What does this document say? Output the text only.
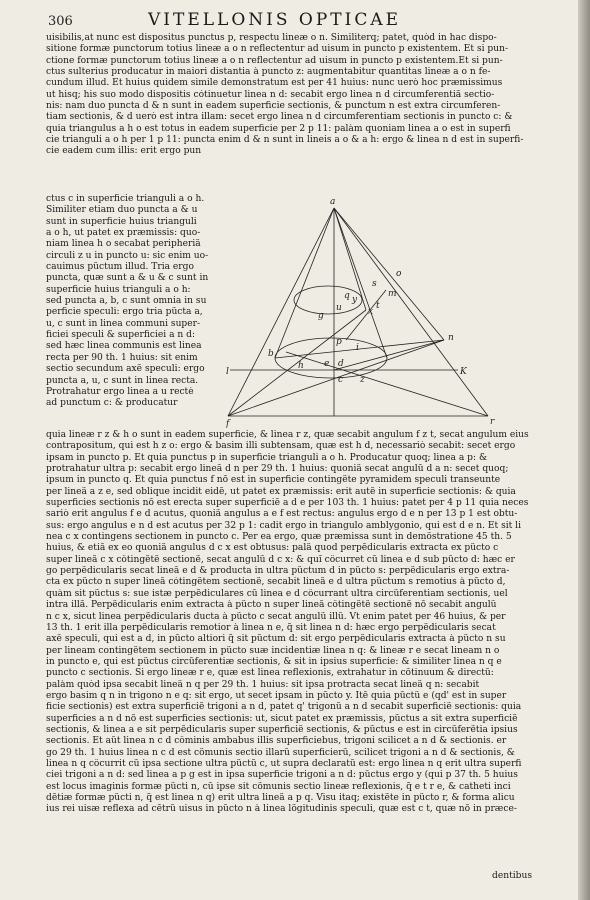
306	VITELLONIS OPTICAE
uisibilis,at nunc est dispositus punctus p, respectu lineæ o n. Similiterq; patet, quòd in hac dispo-
sitione formæ punctorum totius lineæ a o n reflectentur ad uisum in puncto p existentem. Et si pun-
ctione formæ punctorum totius lineæ a o n reflectentur ad uisum in puncto p existentem.Et si pun-
ctus sulterius producatur in maiori distantia à puncto z: augmentabitur quantitas lineæ a o n fe-
cundum illud. Et huius quidem simile demonstratum est per 41 huius: nunc uerò hoc præmissimus
ut hisq; his suo modo dispositis cótinuetur linea n d: secabit ergo linea n d circumferentiã sectio-
nis: nam duo puncta d & n sunt in eadem superficie sectionis, & punctum n est extra circumferen-
tiam sectionis, & d uerò est intra illam: secet ergo linea n d circumferentiam sectionis in puncto c: &
quia triangulus a h o est totus in eadem superficie per 2 p 11: palàm quoniam linea a o est in superfi
cie trianguli a o h per 1 p 11: puncta enim d & n sunt in lineis a o & a h: ergo & linea n d est in superfi-
cie eadem cum illis: erit ergo pun
ctus c in superficie trianguli a o h.
Similiter etiam duo puncta a & u
sunt in superficie huius trianguli
a o h, ut patet ex præmissis: quo-
niam linea h o secabat peripheriã
circuli z u in puncto u: sic enim uo-
cauimus pũctum illud. Tria ergo
puncta, quæ sunt a & u & c sunt in
superficie huius trianguli a o h:
sed puncta a, b, c sunt omnia in su
perficie speculi: ergo tria pũcta a,
u, c sunt in linea communi super-
ficiei speculi & superficiei a n d:
sed hæc linea communis est linea
recta per 90 th. 1 huius: sit enim
sectio secundum axẽ speculi: ergo
puncta a, u, c sunt in linea recta.
Protrahatur ergo linea a u rectè
ad punctum c: & producatur
a
b
c
d
e
f
g
h
i
l
m
n
o
p
q
r
s
t
u	x
y
z
K
quia lineæ r z & h o sunt in eadem superficie, & linea r z, quæ secabit angulum f z t, secat angulum eius
contrapositum, qui est h z o: ergo & basim illi subtensam, quæ est h d, necessariò secabit: secet ergo
ipsam in puncto p. Et quia punctus p in superficie trianguli a o h. Producatur quoq; linea a p: &
protrahatur ultra p: secabit ergo lineã d n per 29 th. 1 huius: quoniã secat angulũ d a n: secet quoq;
ipsum in puncto q. Et quia punctus f nõ est in superficie contingẽte pyramidem speculi transeunte
per lineã a z e, sed oblique incidit eidẽ, ut patet ex præmissis: erit autẽ in superficie sectionis: & quia
superficies sectionis nõ est erecta super superficiẽ a d e per 103 th. 1 huius: patet per 4 p 11 quia neces
sariò erit angulus f e d acutus, quoniã angulus a e f est rectus: angulus ergo d e n per 13 p 1 est obtu-
sus: ergo angulus e n d est acutus per 32 p 1: cadit ergo in triangulo amblygonio, qui est d e n. Et sit li
nea c x contingens sectionem in puncto c. Per ea ergo, quæ præmissa sunt in demõstratione 45 th. 5
huius, & etiã ex eo quoniã angulus d c x est obtusus: palã quod perpẽdicularis extracta ex pũcto c
super lineã c x côtingẽtẽ sectionẽ, secat angulũ d c x: & quĩ côcurret cũ linea e d sub pũcto d: hæc er
go perpẽdicularis secat lineã e d & producta in ultra pũctum d in pũcto s: perpẽdicularis ergo extra-
cta ex pũcto n super lineã cótingẽtem sectionẽ, secabit lineã e d ultra pũctum s remotius à pũcto d,
quàm sit pũctus s: sue istæ perpẽdiculares cũ linea e d côcurrant ultra circũferentiam sectionis, uel
intra illã. Perpẽdicularis enim extracta à pũcto n super lineã côtingẽtẽ sectionẽ nõ secabit angulũ
n c x, sicut linea perpẽdicularis ducta à pũcto c secat angulũ illũ. Vt enim patet per 46 huius, & per
13 th. 1 erit illa perpẽdicularis remotior à linea n e, q̃ sit linea n d: hæc ergo perpẽdicularis secat
axẽ speculi, qui est a d, in pũcto altiori q̃ sit pũctum d: sit ergo perpẽdicularis extracta à pũcto n su
per lineam contingẽtem sectionem in pũcto suæ incidentiæ linea n q: & lineæ r e secat lineam n o
in puncto e, qui est pũctus circũferentiæ sectionis, & sit in ipsius superficie: & similiter linea n q e
puncto c sectionis. Si ergo lineæ r e, quæ est linea reflexionis, extrahatur in cõtinuum & directũ:
palàm quòd ipsa secabit lineã n q per 29 th. 1 huius: sit ipsa protracta secat lineã q n: secabit
ergo basim q n in trigono n e q: sit ergo, ut secet ipsam in pũcto y. Itẽ quia pũctũ e (qd' est in super
ficie sectionis) est extra superficiẽ trigoni a n d, patet q' trigonũ a n d secabit superficiẽ sectionis: quia
superficies a n d nõ est superficies sectionis: ut, sicut patet ex præmissis, pũctus a sit extra superficiẽ
sectionis, & linea a e sit perpẽdicularis super superficiẽ sectionis, & pũctus e est in circũferẽtia ipsius
sectionis. Et aũt linea n c d côminis ambabus illis superficiebus, trigoni scilicet a n d & sectionis. er
go 29 th. 1 huius linea n c d est cõmunis sectio illarũ superficierũ, scilicet trigoni a n d & sectionis, &
linea n q côcurrit cũ ipsa sectione ultra pũctũ c, ut supra declaratũ est: ergo linea n q erit ultra superfi
ciei trigoni a n d: sed linea a p g est in ipsa superficie trigoni a n d: pũctus ergo y (qui p 37 th. 5 huius
est locus imaginis formæ pũcti n, cũ ipse sit cõmunis sectio lineæ reflexionis, q̃ e t r e, & catheti inci
dẽtiæ formæ pũcti n, q̃ est linea n q) erit ultra lineã a p q. Visu itaq; existẽte in pũcto r, & forma alicu
ius rei uisæ reflexa ad cẽtrũ uisus in pũcto n à linea lõgitudinis speculi, quæ est c t, quæ nõ in præce-
dentibus
